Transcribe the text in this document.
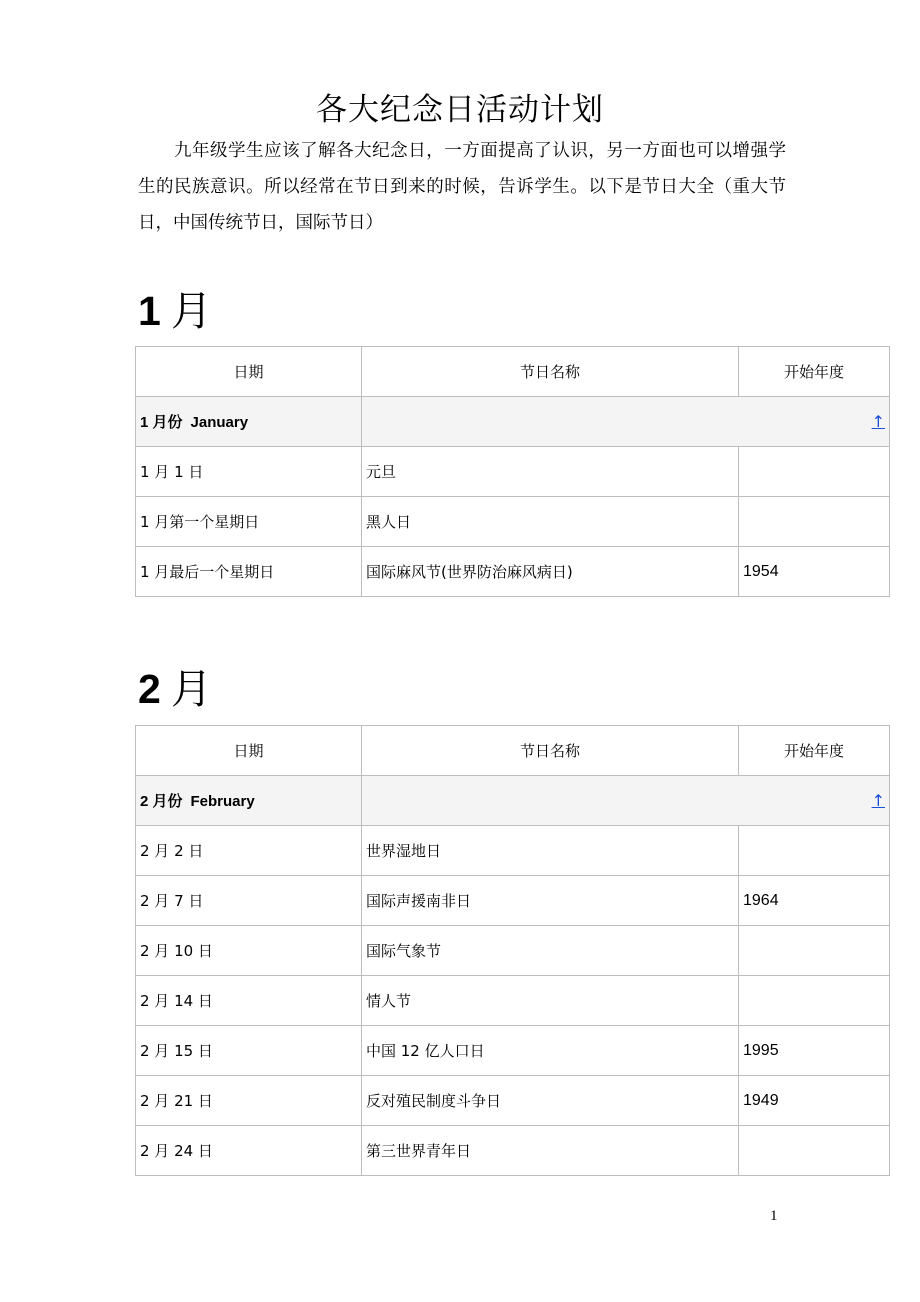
各大纪念日活动计划

九年级学生应该了解各大纪念日，一方面提高了认识，另一方面也可以增强学生的民族意识。所以经常在节日到来的时候，告诉学生。以下是节日大全（重大节日，中国传统节日，国际节日）

1 月
日期	节日名称	开始年度
1 月份 January	↑	
1 月 1 日	元旦	
1 月第一个星期日	黑人日	
1 月最后一个星期日	国际麻风节(世界防治麻风病日)	1954
2 月
日期	节日名称	开始年度
2 月份 February	↑	
2 月 2 日	世界湿地日	
2 月 7 日	国际声援南非日	1964
2 月 10 日	国际气象节	
2 月 14 日	情人节	
2 月 15 日	中国 12 亿人口日	1995
2 月 21 日	反对殖民制度斗争日	1949
2 月 24 日	第三世界青年日	
1
